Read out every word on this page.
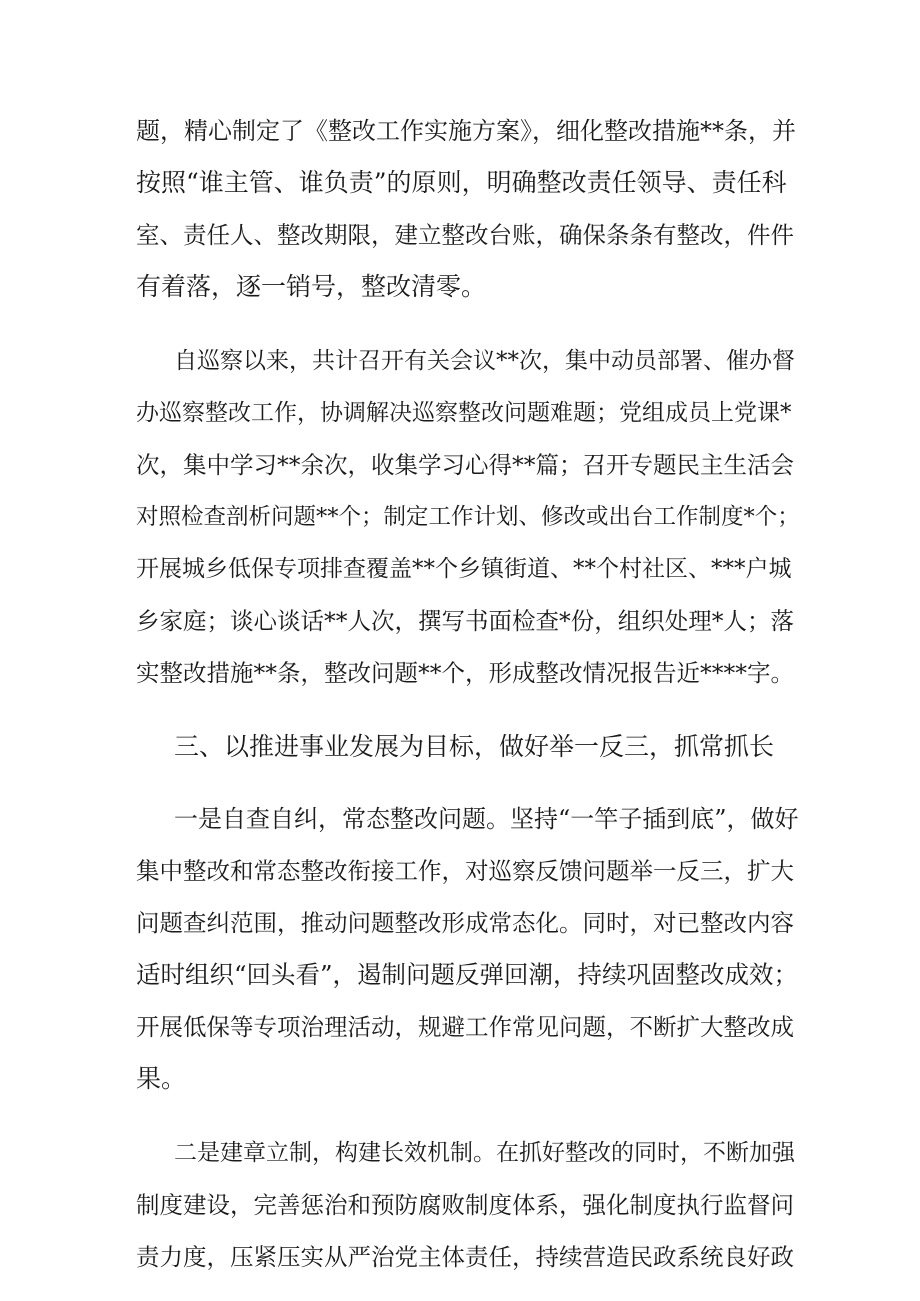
题，精心制定了《整改工作实施方案》，细化整改措施**条，并
按照“谁主管、谁负责”的原则，明确整改责任领导、责任科
室、责任人、整改期限，建立整改台账，确保条条有整改，件件
有着落，逐一销号，整改清零。
自巡察以来，共计召开有关会议**次，集中动员部署、催办督
办巡察整改工作，协调解决巡察整改问题难题；党组成员上党课*
次，集中学习**余次，收集学习心得**篇；召开专题民主生活会
对照检查剖析问题**个；制定工作计划、修改或出台工作制度*个；
开展城乡低保专项排查覆盖**个乡镇街道、**个村社区、***户城
乡家庭；谈心谈话**人次，撰写书面检查*份，组织处理*人；落
实整改措施**条，整改问题**个，形成整改情况报告近****字。
三、以推进事业发展为目标，做好举一反三，抓常抓长
一是自查自纠，常态整改问题。坚持“一竿子插到底”，做好
集中整改和常态整改衔接工作，对巡察反馈问题举一反三，扩大
问题查纠范围，推动问题整改形成常态化。同时，对已整改内容
适时组织“回头看”，遏制问题反弹回潮，持续巩固整改成效；
开展低保等专项治理活动，规避工作常见问题，不断扩大整改成
果。
二是建章立制，构建长效机制。在抓好整改的同时，不断加强
制度建设，完善惩治和预防腐败制度体系，强化制度执行监督问
责力度，压紧压实从严治党主体责任，持续营造民政系统良好政
